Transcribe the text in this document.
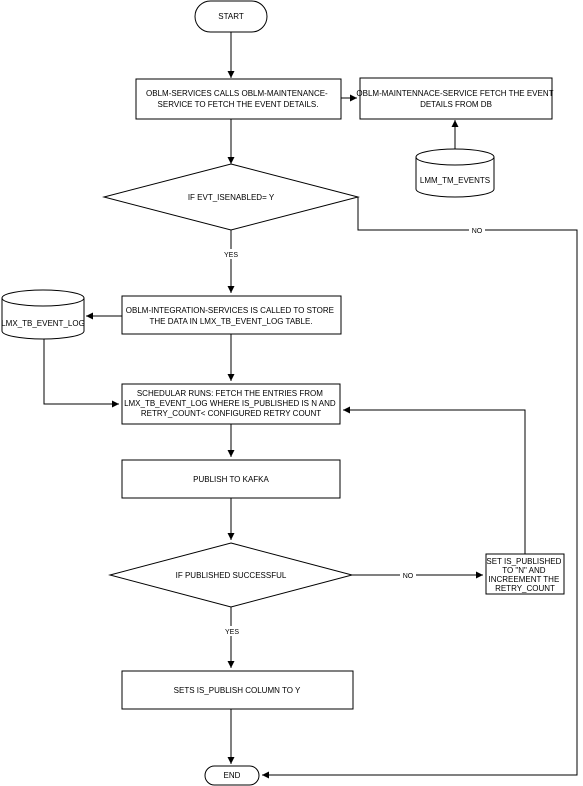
YES
NO
NO
YES
START
OBLM-SERVICES CALLS OBLM-MAINTENANCE- SERVICE TO FETCH THE EVENT DETAILS.
OBLM-MAINTENNACE-SERVICE FETCH THE EVENT DETAILS FROM DB
LMM_TM_EVENTS
IF EVT_ISENABLED= Y
OBLM-INTEGRATION-SERVICES IS CALLED TO STORE THE DATA IN LMX_TB_EVENT_LOG TABLE.
LMX_TB_EVENT_LOG
SCHEDULAR RUNS: FETCH THE ENTRIES FROM LMX_TB_EVENT_LOG WHERE IS_PUBLISHED IS N AND RETRY_COUNT< CONFIGURED RETRY COUNT
PUBLISH TO KAFKA
IF PUBLISHED SUCCESSFUL
SET IS_PUBLISHED TO "N" AND INCREEMENT THE RETRY_COUNT
SETS IS_PUBLISH COLUMN TO Y
END
